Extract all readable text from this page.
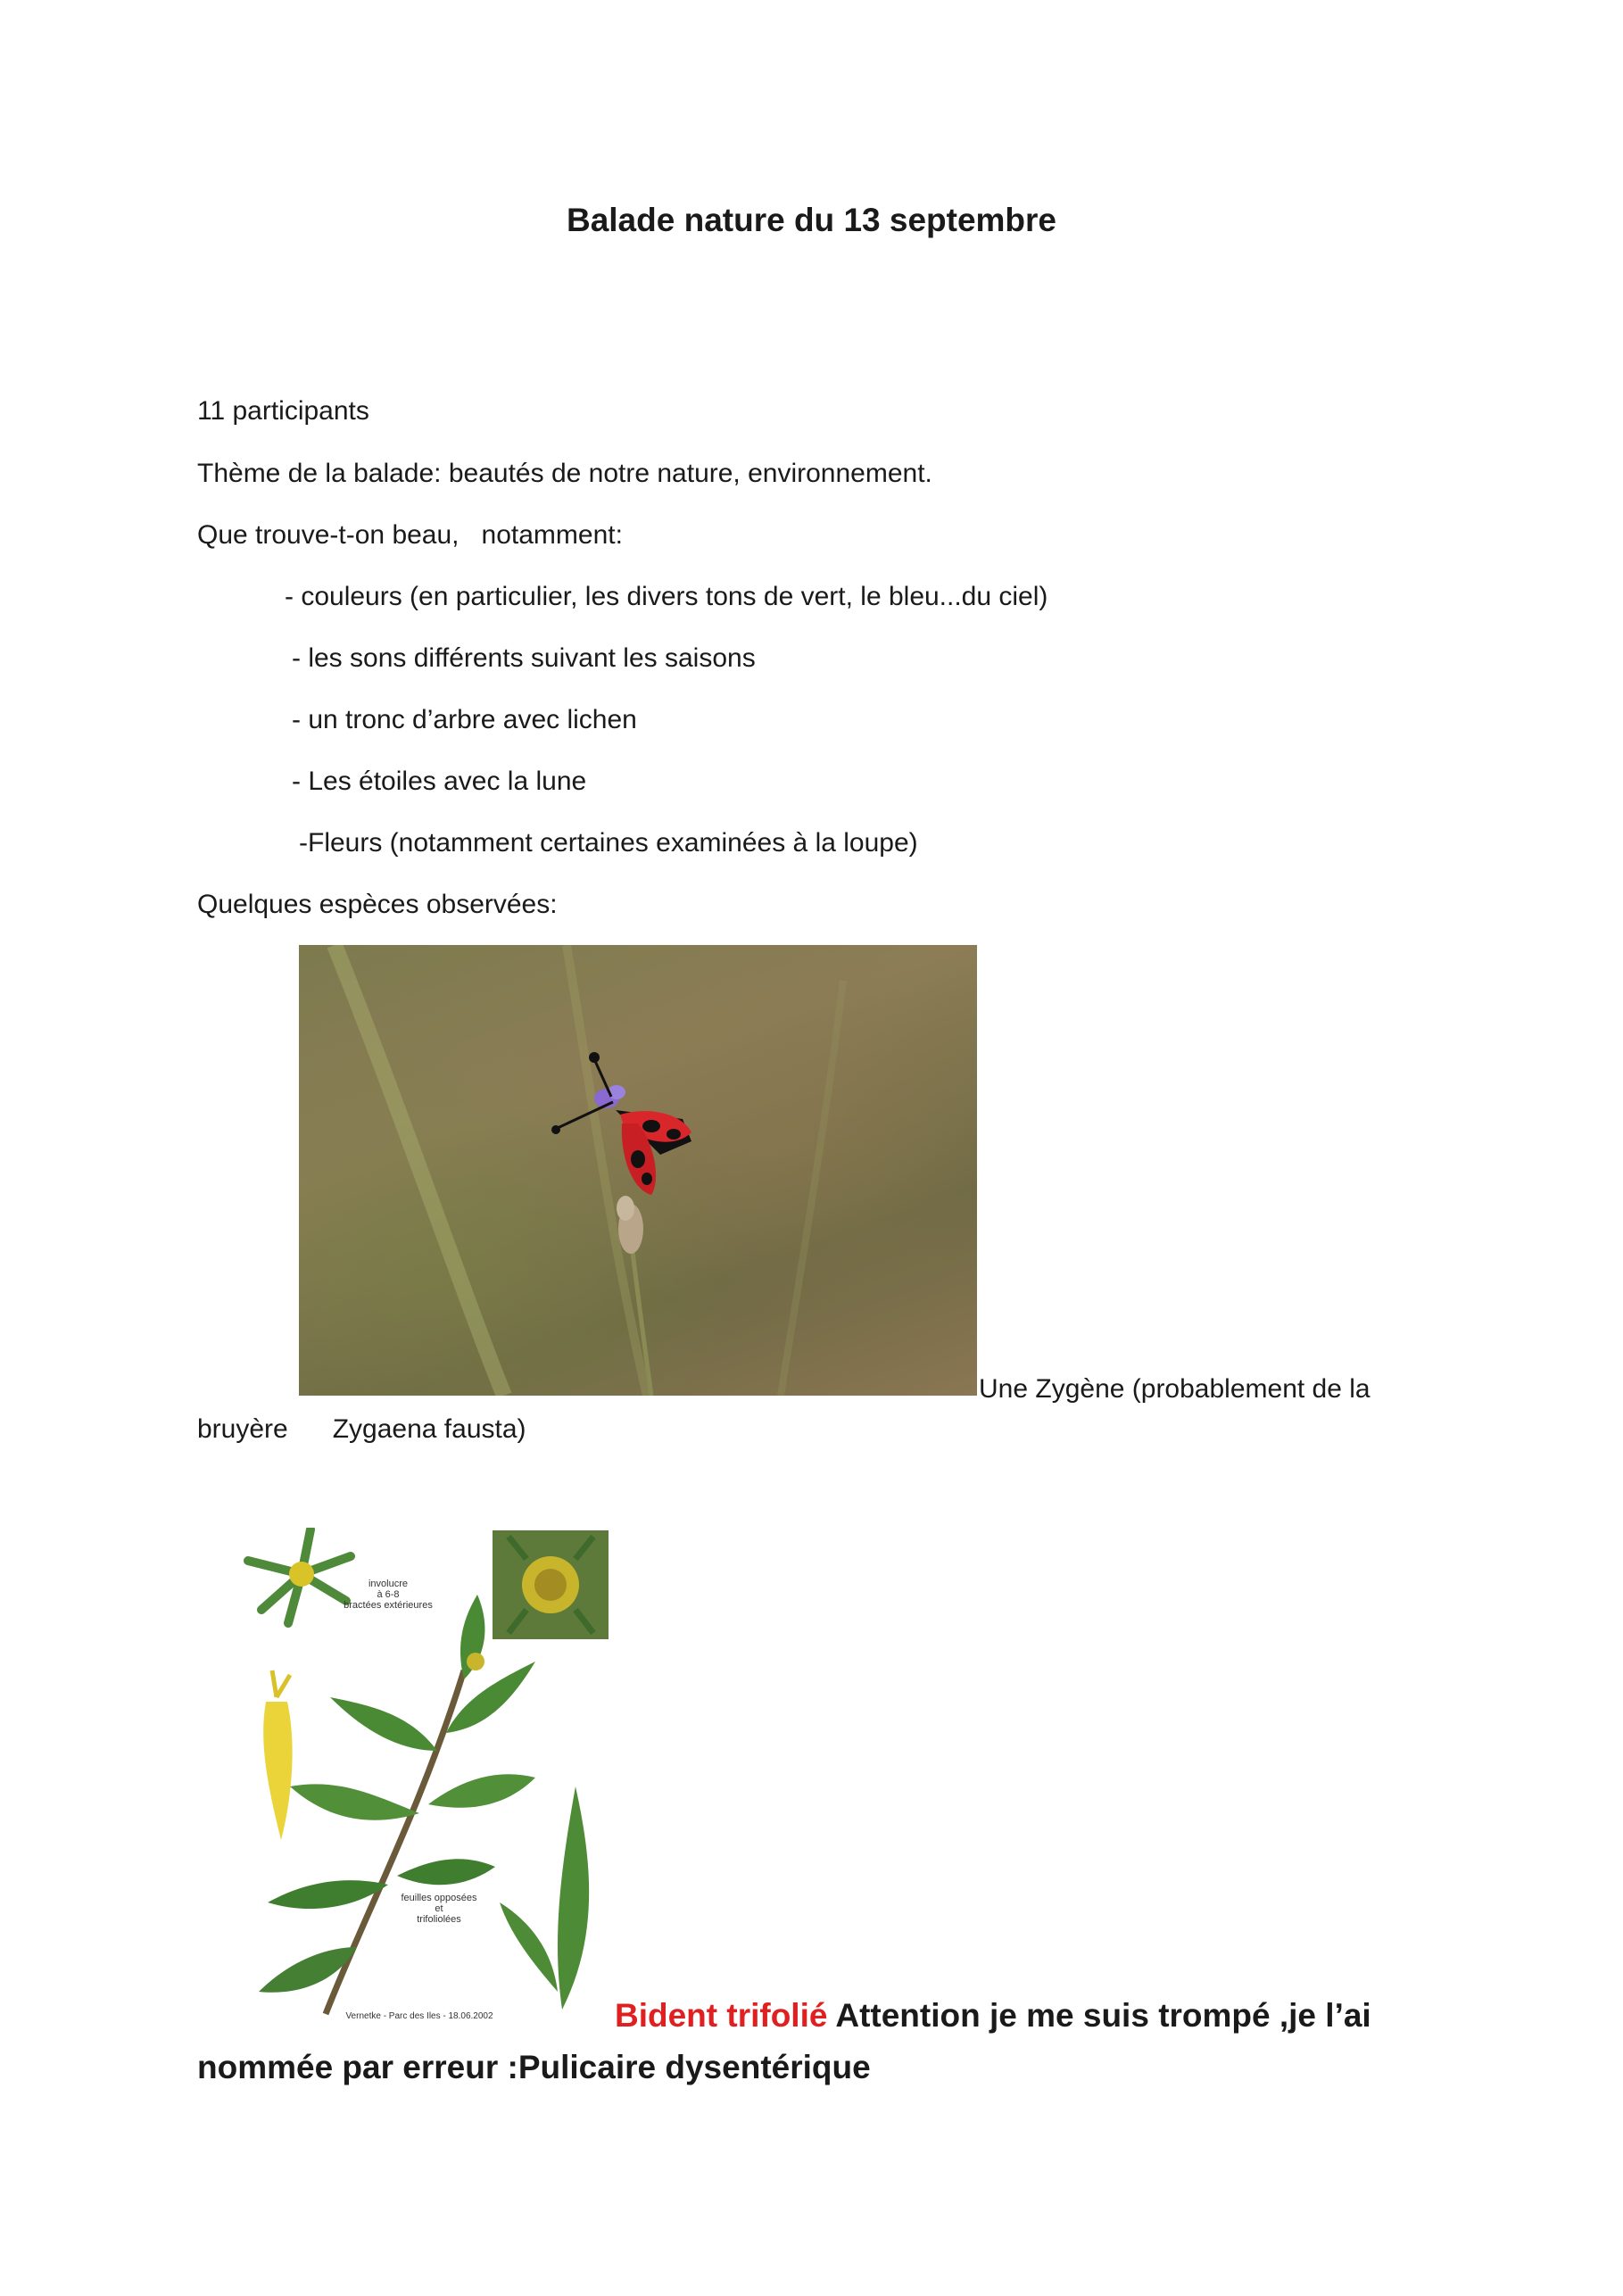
Balade nature du 13 septembre
11 participants
Thème de la balade: beautés de notre nature, environnement.
Que trouve-t-on beau,   notamment:
- couleurs (en particulier, les divers tons de vert, le bleu...du ciel)
- les sons différents suivant les saisons
- un tronc d’arbre avec lichen
- Les étoiles avec la lune
-Fleurs (notamment certaines examinées à la loupe)
Quelques espèces observées:
Une Zygène (probablement de la
bruyère      Zygaena fausta)
involucre
à 6-8
bractées extérieures
feuilles opposées
et
trifoliolées
Vernetke - Parc des Iles - 18.06.2002	Bident trifolié Attention je me suis trompé ,je l’ai
nommée par erreur :Pulicaire dysentérique
